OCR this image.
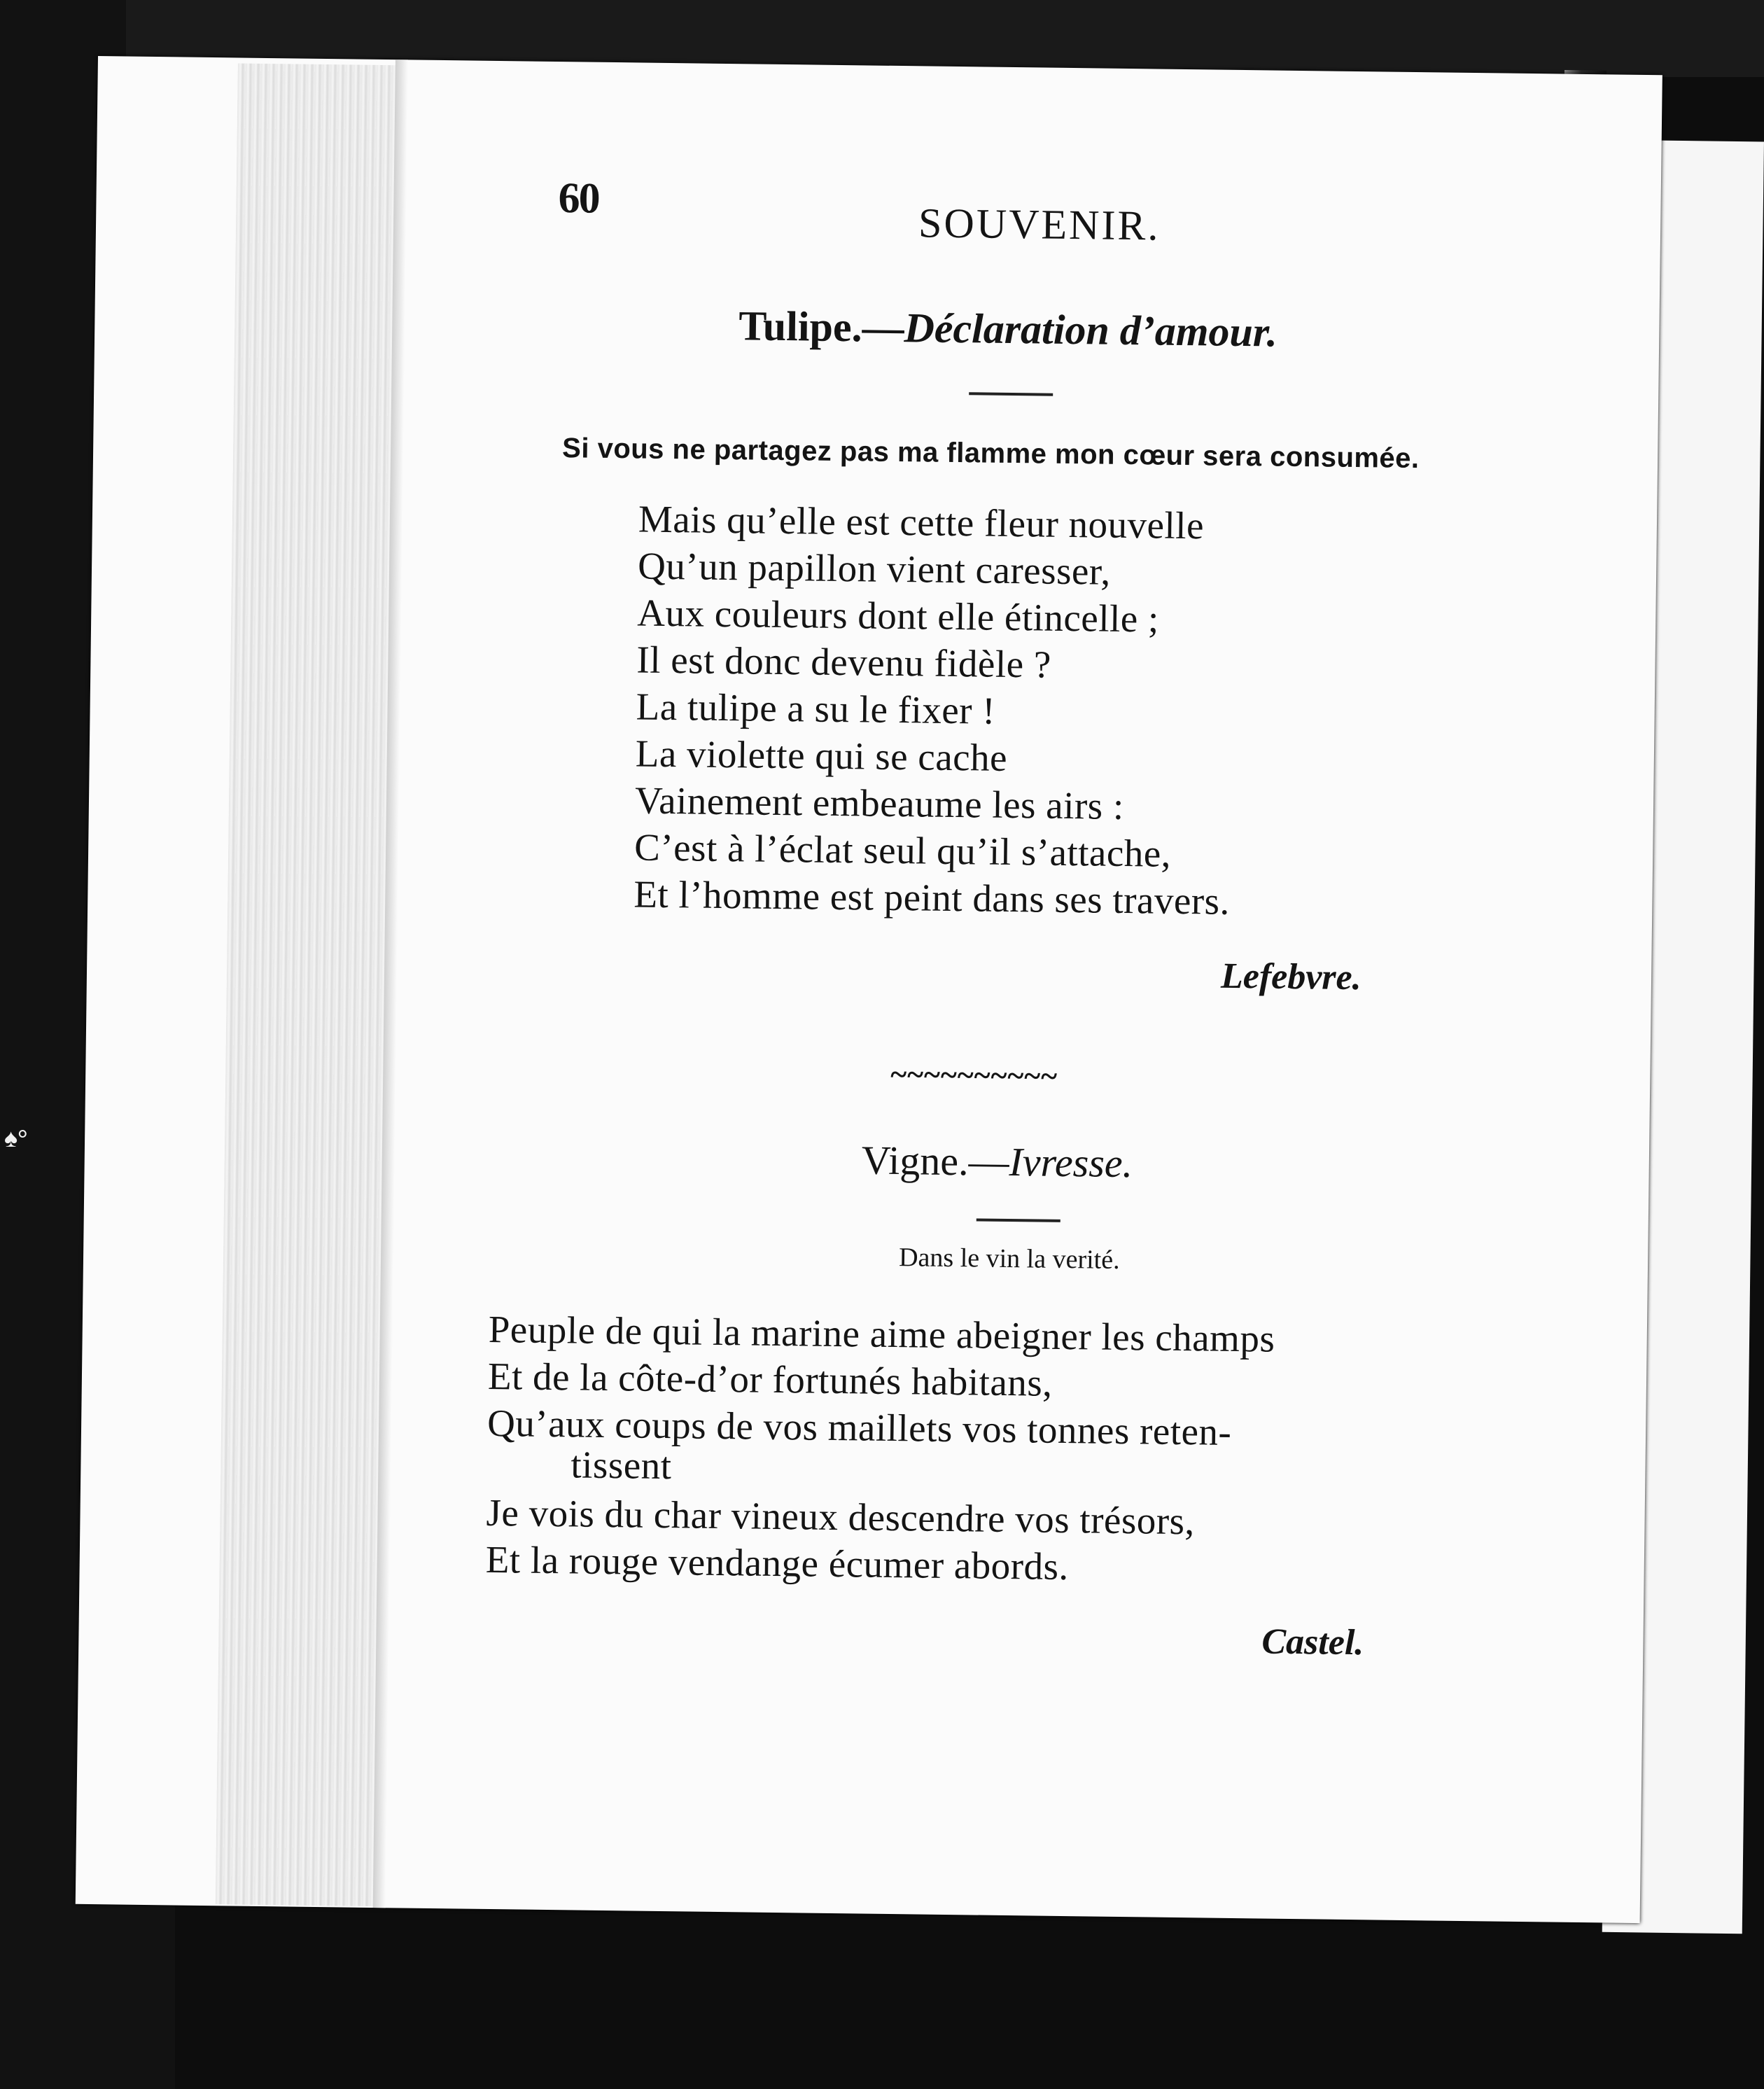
♠°
60
SOUVENIR.
Tulipe.—Déclaration d’amour.
Si vous ne partagez pas ma flamme mon cœur sera consumée.
Mais qu’elle est cette fleur nouvelle
Qu’un papillon vient caresser,
Aux couleurs dont elle étincelle ;
Il est donc devenu fidèle ?
La tulipe a su le fixer !
La violette qui se cache
Vainement embeaume les airs :
C’est à l’éclat seul qu’il s’attache,
Et l’homme est peint dans ses travers.
Lefebvre.
~~~~~~~~~~
Vigne.—Ivresse.
Dans le vin la verité.
Peuple de qui la marine aime abeigner les champs
Et de la côte-d’or fortunés habitans,
Qu’aux coups de vos maillets vos tonnes reten-
tissent
Je vois du char vineux descendre vos trésors,
Et la rouge vendange écumer abords.
Castel.
